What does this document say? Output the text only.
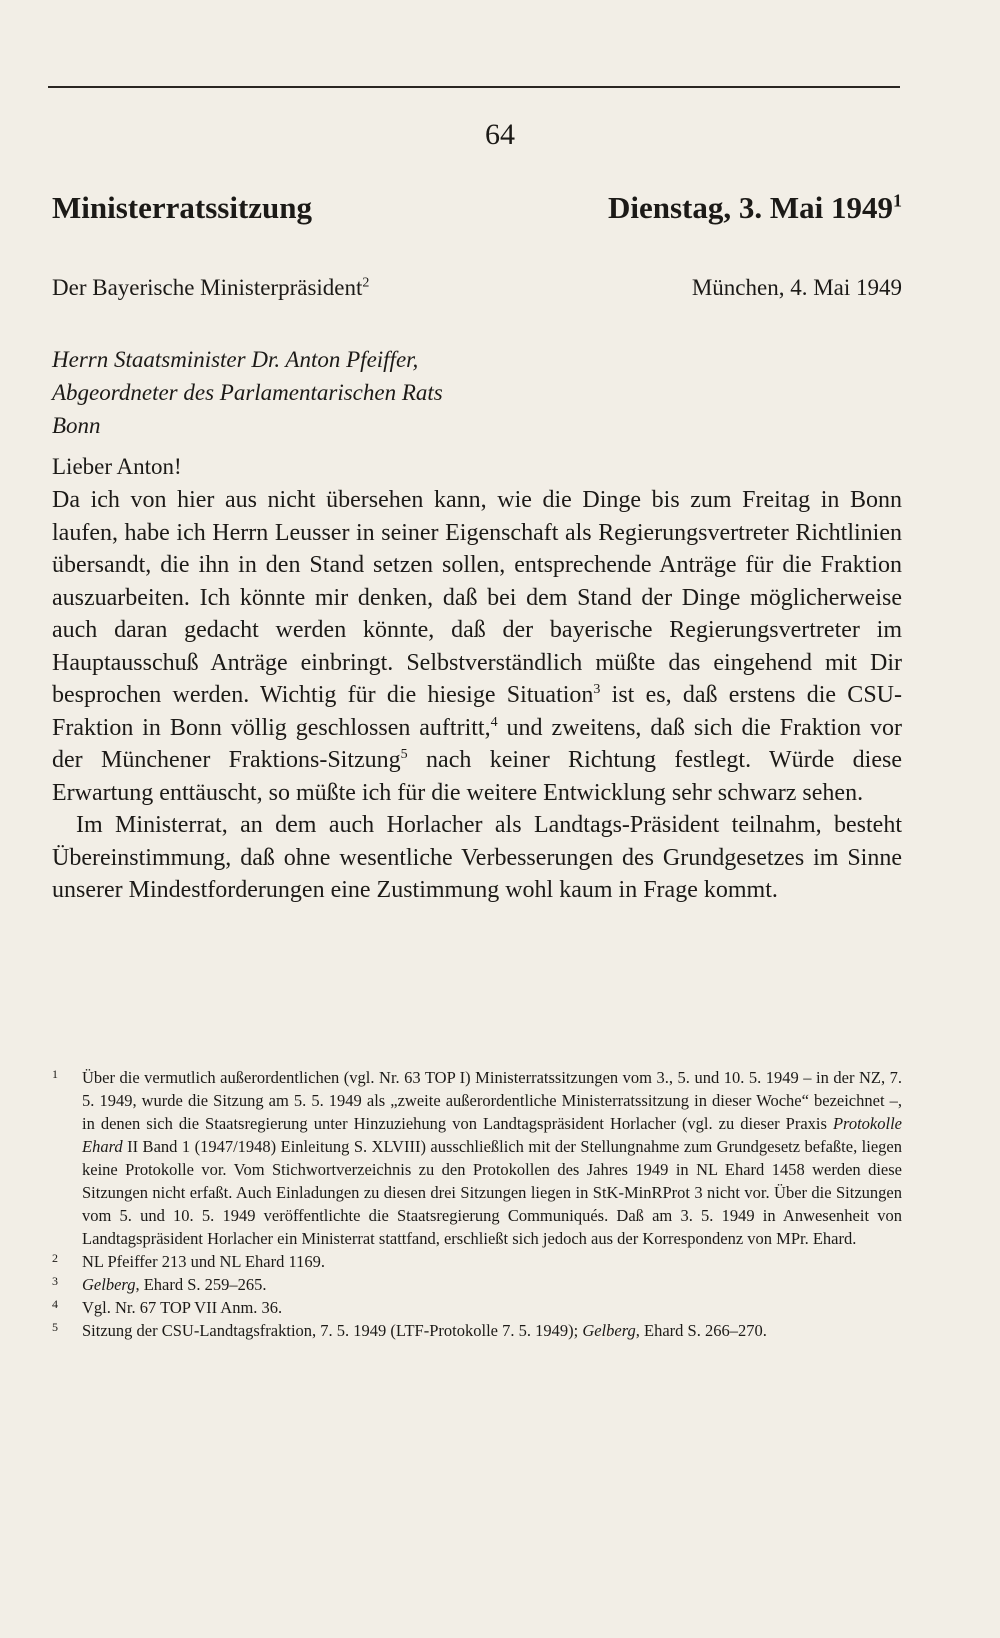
64
Ministerratssitzung	Dienstag, 3. Mai 1949$^1$
Der Bayerische Ministerpräsident$^2$	München, 4. Mai 1949
Herrn Staatsminister Dr. Anton Pfeiffer,
Abgeordneter des Parlamentarischen Rats
Bonn
Lieber Anton!

Da ich von hier aus nicht übersehen kann, wie die Dinge bis zum Freitag in Bonn laufen, habe ich Herrn Leusser in seiner Eigenschaft als Regierungsvertreter Richtlinien übersandt, die ihn in den Stand setzen sollen, entsprechende Anträge für die Fraktion auszuarbeiten. Ich könnte mir denken, daß bei dem Stand der Dinge möglicherweise auch daran gedacht werden könnte, daß der bayerische Regierungsvertreter im Hauptausschuß Anträge einbringt. Selbstverständlich müßte das eingehend mit Dir besprochen werden. Wichtig für die hiesige Situation$^3$ ist es, daß erstens die CSU-Fraktion in Bonn völlig geschlossen auftritt,$^4$ und zweitens, daß sich die Fraktion vor der Münchener Fraktions-Sitzung$^5$ nach keiner Richtung festlegt. Würde diese Erwartung enttäuscht, so müßte ich für die weitere Entwicklung sehr schwarz sehen.

Im Ministerrat, an dem auch Horlacher als Landtags-Präsident teilnahm, besteht Übereinstimmung, daß ohne wesentliche Verbesserungen des Grundgesetzes im Sinne unserer Mindestforderungen eine Zustimmung wohl kaum in Frage kommt.

1	Über die vermutlich außerordentlichen (vgl. Nr. 63 TOP I) Ministerratssitzungen vom 3., 5. und 10. 5. 1949 – in der NZ, 7. 5. 1949, wurde die Sitzung am 5. 5. 1949 als „zweite außerordentliche Ministerratssitzung in dieser Woche“ bezeichnet –, in denen sich die Staatsregierung unter Hinzuziehung von Landtagspräsident Horlacher (vgl. zu dieser Praxis Protokolle Ehard II Band 1 (1947/1948) Einleitung S. XLVIII) ausschließlich mit der Stellungnahme zum Grundgesetz befaßte, liegen keine Protokolle vor. Vom Stichwortverzeichnis zu den Protokollen des Jahres 1949 in NL Ehard 1458 werden diese Sitzungen nicht erfaßt. Auch Einladungen zu diesen drei Sitzungen liegen in StK-MinRProt 3 nicht vor. Über die Sitzungen vom 5. und 10. 5. 1949 veröffentlichte die Staatsregierung Communiqués. Daß am 3. 5. 1949 in Anwesenheit von Landtagspräsident Horlacher ein Ministerrat stattfand, erschließt sich jedoch aus der Korrespondenz von MPr. Ehard.
2	NL Pfeiffer 213 und NL Ehard 1169.
3	Gelberg, Ehard S. 259–265.
4	Vgl. Nr. 67 TOP VII Anm. 36.
5	Sitzung der CSU-Landtagsfraktion, 7. 5. 1949 (LTF-Protokolle 7. 5. 1949); Gelberg, Ehard S. 266–270.
